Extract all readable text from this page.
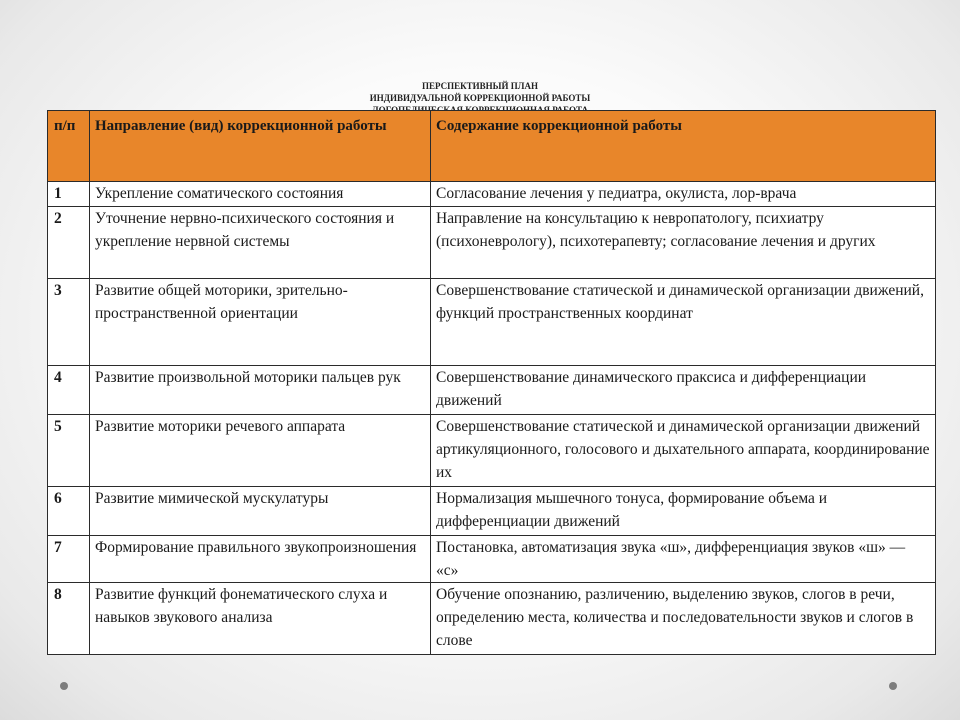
ПЕРСПЕКТИВНЫЙ ПЛАН
ИНДИВИДУАЛЬНОЙ КОРРЕКЦИОННОЙ РАБОТЫ
п/п	Направление (вид) коррекционной работы	Содержание коррекционной работы
1	Укрепление соматического состояния	Согласование лечения у педиатра, окулиста, лор-врача
2	Уточнение нервно-психического состояния и укрепление нервной системы	Направление на консультацию к невропатологу, психиатру (психоневрологу), психотерапевту; согласование лечения и других
3	Развитие общей моторики, зрительно-пространственной ориентации	Совершенствование статической и динамической организации движений, функций пространственных координат
4	Развитие произвольной моторики пальцев рук	Совершенствование динамического праксиса и дифференциации движений
5	Развитие моторики речевого аппарата	Совершенствование статической и динамической организации движений артикуляционного, голосового и дыхательного аппарата, координирование их
6	Развитие мимической мускулатуры	Нормализация мышечного тонуса, формирование объема и дифференциации движений
7	Формирование правильного звукопроизношения	Постановка, автоматизация звука «ш», дифференциация звуков «ш» — «с»
8	Развитие функций фонематического слуха и навыков звукового анализа	Обучение опознанию, различению, выделению звуков, слогов в речи, определению места, количества и последовательности звуков и слогов в слове
